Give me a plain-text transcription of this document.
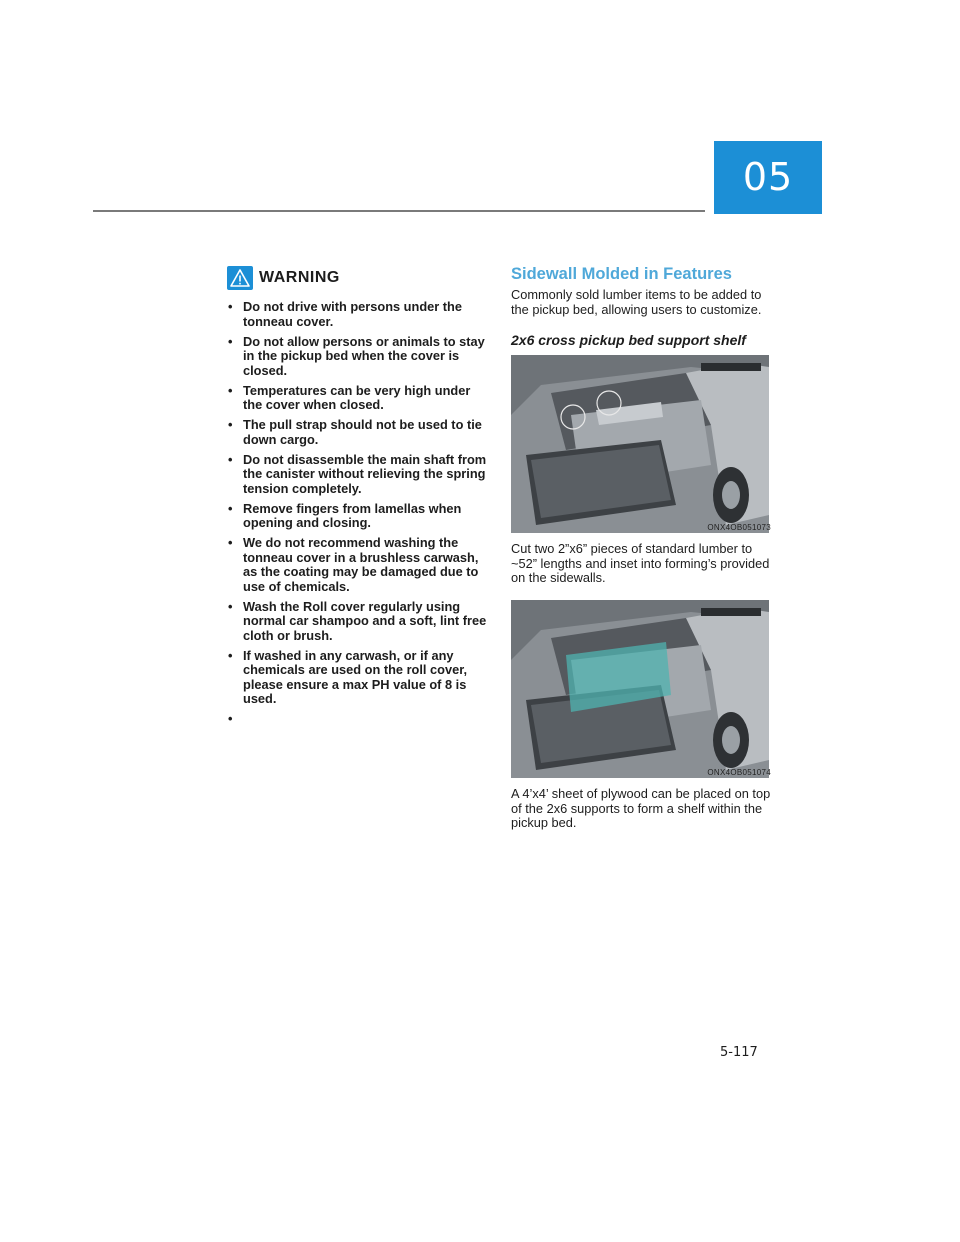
05
WARNING
• Do not drive with persons under the tonneau cover.
• Do not allow persons or animals to stay in the pickup bed when the cover is closed.
• Temperatures can be very high under the cover when closed.
• The pull strap should not be used to tie down cargo.
• Do not disassemble the main shaft from the canister without relieving the spring tension completely.
• Remove fingers from lamellas when opening and closing.
• We do not recommend washing the tonneau cover in a brushless carwash, as the coating may be damaged due to use of chemicals.
• Wash the Roll cover regularly using normal car shampoo and a soft, lint free cloth or brush.
• If washed in any carwash, or if any chemicals are used on the roll cover, please ensure a max PH value of 8 is used.
Sidewall Molded in Features

Commonly sold lumber items to be added to the pickup bed, allowing users to customize.

2x6 cross pickup bed support shelf
ONX4OB051073

Cut two 2”x6” pieces of standard lumber to ~52” lengths and inset into forming’s provided on the sidewalls.

ONX4OB051074

A 4’x4’ sheet of plywood can be placed on top of the 2x6 supports to form a shelf within the pickup bed.

5-117
